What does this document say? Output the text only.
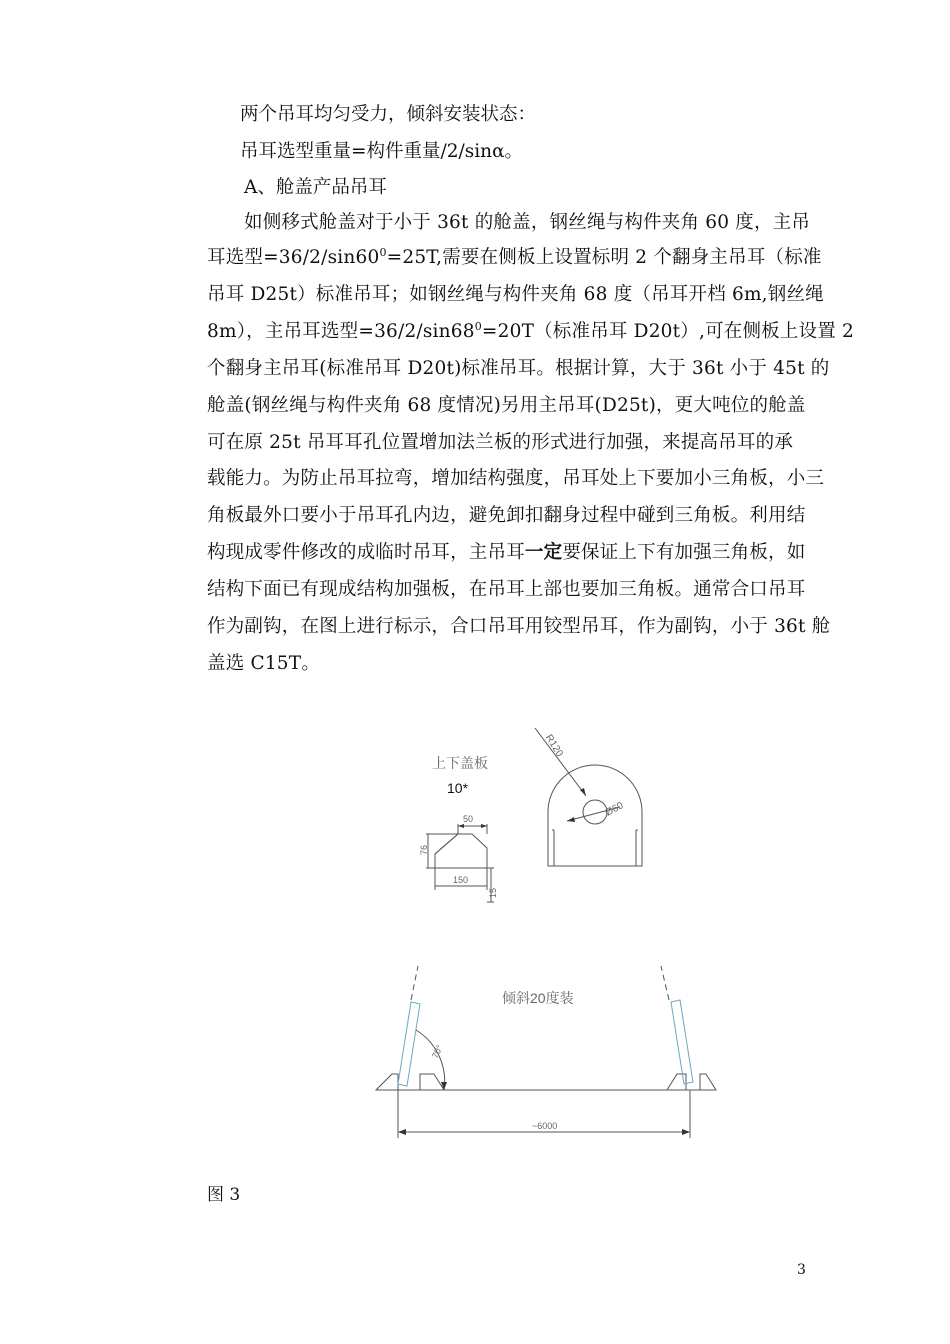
两个吊耳均匀受力，倾斜安装状态：

吊耳选型重量=构件重量/2/sinα。

A、舱盖产品吊耳

如侧移式舱盖对于小于 36t 的舱盖，钢丝绳与构件夹角 60 度，主吊

耳选型$=36/2/\sin 60^0=25T$,需要在侧板上设置标明 2 个翻身主吊耳（标准

吊耳 D25t）标准吊耳；如钢丝绳与构件夹角 68 度（吊耳开档 6m,钢丝绳

8m），主吊耳选型$=36/2/\sin 68^0=20T$（标准吊耳 D20t）,可在侧板上设置 2

个翻身主吊耳(标准吊耳 D20t)标准吊耳。根据计算，大于 36t 小于 45t 的

舱盖(钢丝绳与构件夹角 68 度情况)另用主吊耳(D25t)，更大吨位的舱盖

可在原 25t 吊耳耳孔位置增加法兰板的形式进行加强，来提高吊耳的承

载能力。为防止吊耳拉弯，增加结构强度，吊耳处上下要加小三角板，小三

角板最外口要小于吊耳孔内边，避免卸扣翻身过程中碰到三角板。利用结

构现成零件修改的成临时吊耳，主吊耳一定要保证上下有加强三角板，如

结构下面已有现成结构加强板，在吊耳上部也要加三角板。通常合口吊耳

作为副钩，在图上进行标示，合口吊耳用铰型吊耳，作为副钩，小于 36t 舱

盖选 C15T。

上下盖板
10*
50
76
150
15
R120
Ø60
倾斜20度装
70°
~6000

图 3

3
